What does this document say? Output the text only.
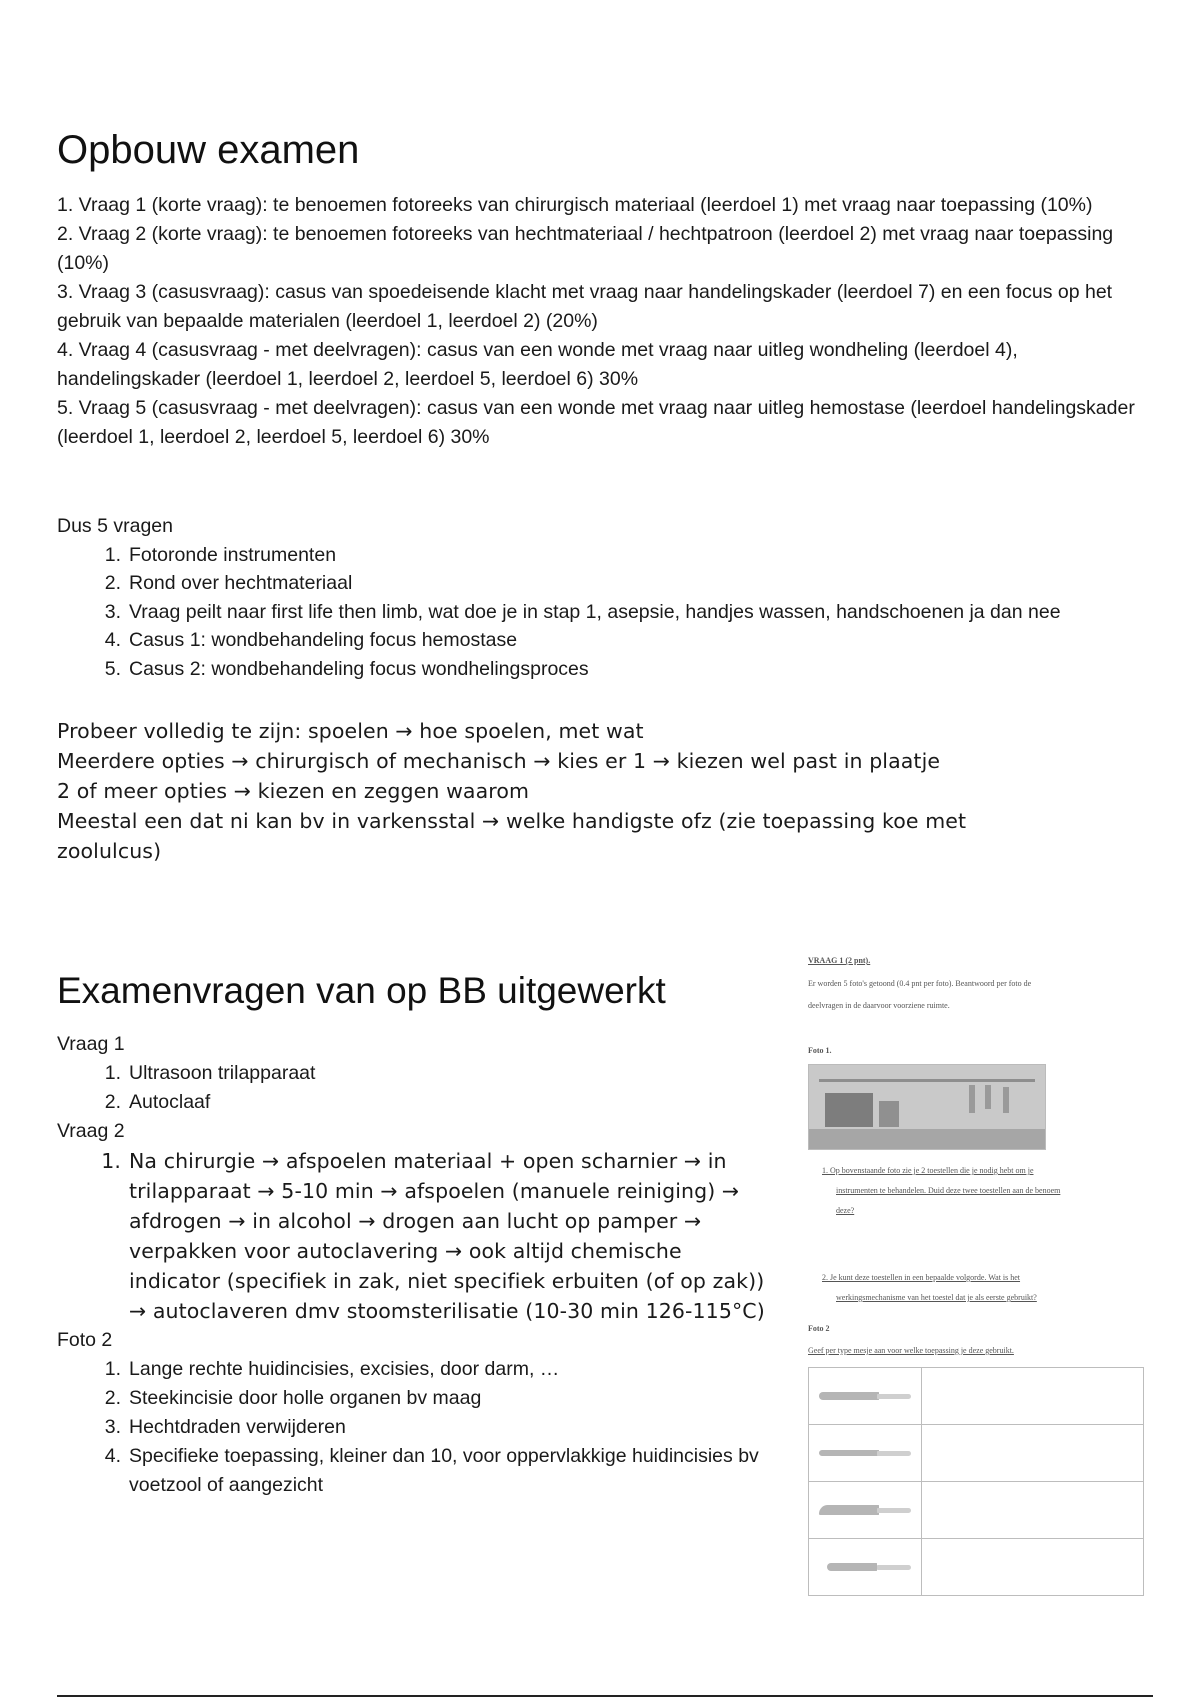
Opbouw examen

1. Vraag 1 (korte vraag): te benoemen fotoreeks van chirurgisch materiaal (leerdoel 1) met vraag naar toepassing (10%)

2. Vraag 2 (korte vraag): te benoemen fotoreeks van hechtmateriaal / hechtpatroon (leerdoel 2) met vraag naar toepassing (10%)

3. Vraag 3 (casusvraag): casus van spoedeisende klacht met vraag naar handelingskader (leerdoel 7) en een focus op het gebruik van bepaalde materialen (leerdoel 1, leerdoel 2) (20%)

4. Vraag 4 (casusvraag - met deelvragen): casus van een wonde met vraag naar uitleg wondheling (leerdoel 4), handelingskader (leerdoel 1, leerdoel 2, leerdoel 5, leerdoel 6) 30%

5. Vraag 5 (casusvraag - met deelvragen): casus van een wonde met vraag naar uitleg hemostase (leerdoel handelingskader (leerdoel 1, leerdoel 2, leerdoel 5, leerdoel 6) 30%

Dus 5 vragen
1. Fotoronde instrumenten
2. Rond over hechtmateriaal
3. Vraag peilt naar first life then limb, wat doe je in stap 1, asepsie, handjes wassen, handschoenen ja dan nee
4. Casus 1: wondbehandeling focus hemostase
5. Casus 2: wondbehandeling focus wondhelingsproces

Probeer volledig te zijn: spoelen → hoe spoelen, met wat

Meerdere opties → chirurgisch of mechanisch → kies er 1 → kiezen wel past in plaatje

2 of meer opties → kiezen en zeggen waarom

Meestal een dat ni kan bv in varkensstal → welke handigste ofz (zie toepassing koe met zoolulcus)

Examenvragen van op BB uitgewerkt

Vraag 1

1. Ultrasoon trilapparaat
2. Autoclaaf

Vraag 2

1. Na chirurgie → afspoelen materiaal + open scharnier → in trilapparaat → 5-10 min → afspoelen (manuele reiniging) → afdrogen → in alcohol → drogen aan lucht op pamper → verpakken voor autoclavering → ook altijd chemische indicator (specifiek in zak, niet specifiek erbuiten (of op zak)) → autoclaveren dmv stoomsterilisatie (10-30 min 126-115°C)

Foto 2

1. Lange rechte huidincisies, excisies, door darm, …
2. Steekincisie door holle organen bv maag
3. Hechtdraden verwijderen
4. Specifieke toepassing, kleiner dan 10, voor oppervlakkige huidincisies bv voetzool of aangezicht
VRAAG 1 (2 pnt).
Er worden 5 foto's getoond (0.4 pnt per foto). Beantwoord per foto de
deelvragen in de daarvoor voorziene ruimte.
Foto 1.
1. Op bovenstaande foto zie je 2 toestellen die je nodig hebt om je
instrumenten te behandelen. Duid deze twee toestellen aan de benoem
deze?
2. Je kunt deze toestellen in een bepaalde volgorde. Wat is het
werkingsmechanisme van het toestel dat je als eerste gebruikt?
Foto 2
Geef per type mesje aan voor welke toepassing je deze gebruikt.
